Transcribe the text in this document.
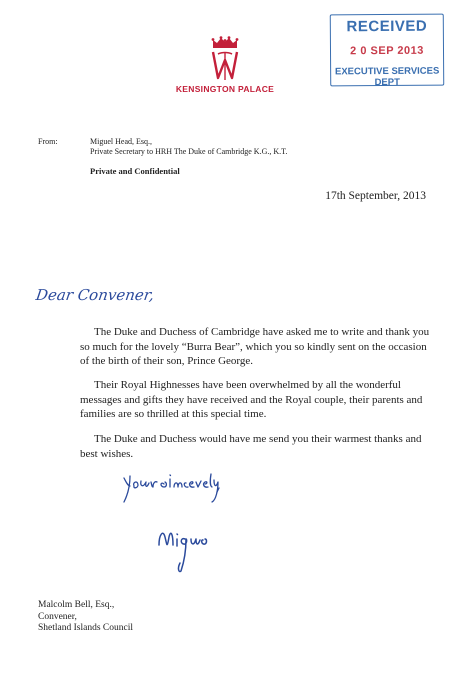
KENSINGTON PALACE
RECEIVED
2 0 SEP 2013
EXECUTIVE SERVICES DEPT
From:	Miguel Head, Esq.,
Private Secretary to HRH The Duke of Cambridge K.G., K.T.
Private and Confidential
17th September, 2013
Dear Convener,
The Duke and Duchess of Cambridge have asked me to write and thank you so much for the lovely “Burra Bear”, which you so kindly sent on the occasion of the birth of their son, Prince George.
Their Royal Highnesses have been overwhelmed by all the wonderful messages and gifts they have received and the Royal couple, their parents and families are so thrilled at this special time.
The Duke and Duchess would have me send you their warmest thanks and best wishes.
Malcolm Bell, Esq.,
Convener,
Shetland Islands Council
